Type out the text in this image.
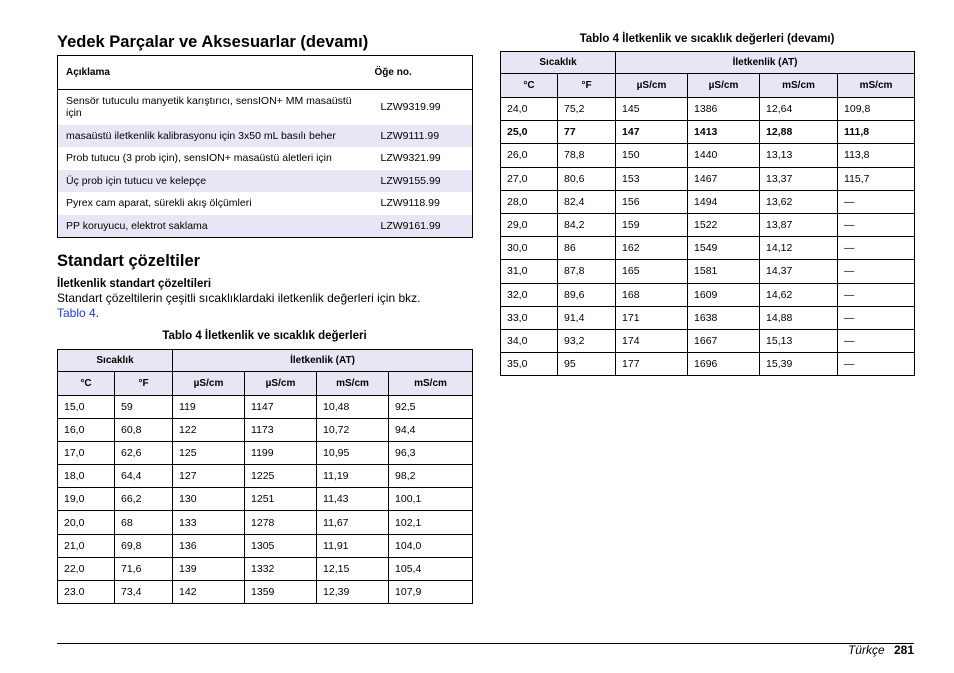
Yedek Parçalar ve Aksesuarlar (devamı)
Açıklama	Öğe no.
Sensör tutuculu manyetik karıştırıcı, sensION+ MM masaüstü için	LZW9319.99
masaüstü iletkenlik kalibrasyonu için 3x50 mL basılı beher	LZW9111.99
Prob tutucu (3 prob için), sensION+ masaüstü aletleri için	LZW9321.99
Üç prob için tutucu ve kelepçe	LZW9155.99
Pyrex cam aparat, sürekli akış ölçümleri	LZW9118.99
PP koruyucu, elektrot saklama	LZW9161.99
Standart çözeltiler
İletkenlik standart çözeltileri
Standart çözeltilerin çeşitli sıcaklıklardaki iletkenlik değerleri için bkz.
Tablo 4.
Tablo 4 İletkenlik ve sıcaklık değerleri
Sıcaklık		İletkenlik (AT)			
°C	°F	µS/cm	µS/cm	mS/cm	mS/cm
15,0	59	119	1147	10,48	92,5
16,0	60,8	122	1173	10,72	94,4
17,0	62,6	125	1199	10,95	96,3
18,0	64,4	127	1225	11,19	98,2
19,0	66,2	130	1251	11,43	100,1
20,0	68	133	1278	11,67	102,1
21,0	69,8	136	1305	11,91	104,0
22,0	71,6	139	1332	12,15	105,4
23.0	73,4	142	1359	12,39	107,9
Tablo 4 İletkenlik ve sıcaklık değerleri (devamı)
Sıcaklık		İletkenlik (AT)			
°C	°F	µS/cm	µS/cm	mS/cm	mS/cm
24,0	75,2	145	1386	12,64	109,8
25,0	77	147	1413	12,88	111,8
26,0	78,8	150	1440	13,13	113,8
27,0	80,6	153	1467	13,37	115,7
28,0	82,4	156	1494	13,62	—
29,0	84,2	159	1522	13,87	—
30,0	86	162	1549	14,12	—
31,0	87,8	165	1581	14,37	—
32,0	89,6	168	1609	14,62	—
33,0	91,4	171	1638	14,88	—
34,0	93,2	174	1667	15,13	—
35,0	95	177	1696	15,39	—
Türkçe 281
